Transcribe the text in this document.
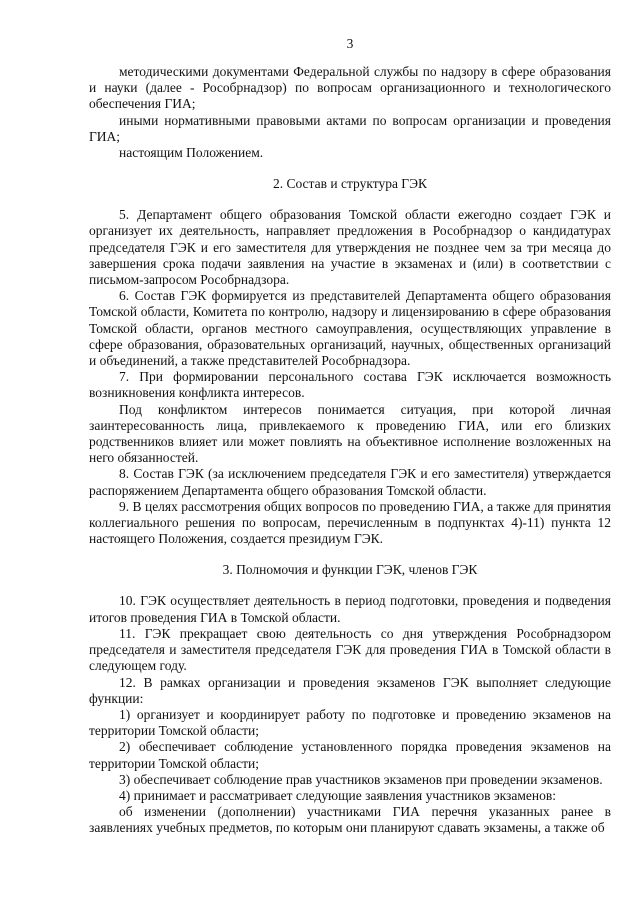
3

методическими документами Федеральной службы по надзору в сфере образования и науки (далее - Рособрнадзор) по вопросам организационного и технологического обеспечения ГИА;

иными нормативными правовыми актами по вопросам организации и проведения ГИА;

настоящим Положением.

2. Состав и структура ГЭК

5. Департамент общего образования Томской области ежегодно создает ГЭК и организует их деятельность, направляет предложения в Рособрнадзор о кандидатурах председателя ГЭК и его заместителя для утверждения не позднее чем за три месяца до завершения срока подачи заявления на участие в экзаменах и (или) в соответствии с письмом-запросом Рособрнадзора.

6. Состав ГЭК формируется из представителей Департамента общего образования Томской области, Комитета по контролю, надзору и лицензированию в сфере образования Томской области, органов местного самоуправления, осуществляющих управление в сфере образования, образовательных организаций, научных, общественных организаций и объединений, а также представителей Рособрнадзора.

7. При формировании персонального состава ГЭК исключается возможность возникновения конфликта интересов.

Под конфликтом интересов понимается ситуация, при которой личная заинтересованность лица, привлекаемого к проведению ГИА, или его близких родственников влияет или может повлиять на объективное исполнение возложенных на него обязанностей.

8. Состав ГЭК (за исключением председателя ГЭК и его заместителя) утверждается распоряжением Департамента общего образования Томской области.

9. В целях рассмотрения общих вопросов по проведению ГИА, а также для принятия коллегиального решения по вопросам, перечисленным в подпунктах 4)-11) пункта 12 настоящего Положения, создается президиум ГЭК.

3. Полномочия и функции ГЭК, членов ГЭК

10. ГЭК осуществляет деятельность в период подготовки, проведения и подведения итогов проведения ГИА в Томской области.

11. ГЭК прекращает свою деятельность со дня утверждения Рособрнадзором председателя и заместителя председателя ГЭК для проведения ГИА в Томской области в следующем году.

12. В рамках организации и проведения экзаменов ГЭК выполняет следующие функции:

1) организует и координирует работу по подготовке и проведению экзаменов на территории Томской области;

2) обеспечивает соблюдение установленного порядка проведения экзаменов на территории Томской области;

3) обеспечивает соблюдение прав участников экзаменов при проведении экзаменов.

4) принимает и рассматривает следующие заявления участников экзаменов:

об изменении (дополнении) участниками ГИА перечня указанных ранее в заявлениях учебных предметов, по которым они планируют сдавать экзамены, а также об
